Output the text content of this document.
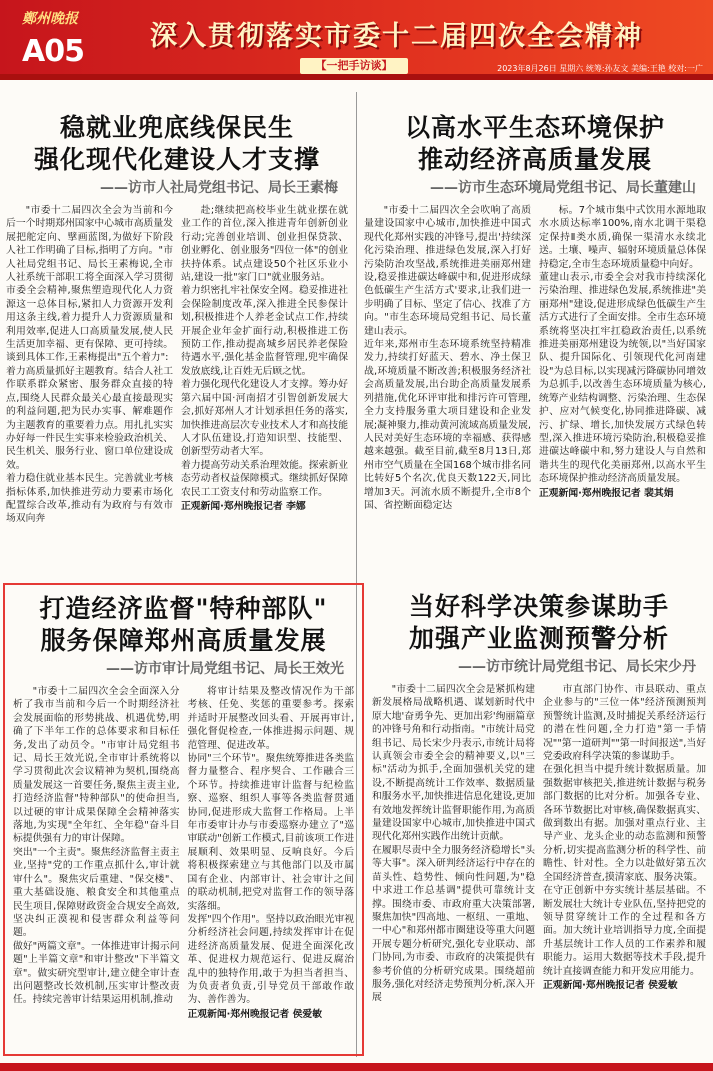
鄭州晚报
A05 深入贯彻落实市委十二届四次全会精神
【一把手访谈】	2023年8月26日 星期六 统筹:孙友文 美编:王艳 校对:一广
稳就业兜底线保民生
强化现代化建设人才支撑
——访市人社局党组书记、局长王素梅

"市委十二届四次全会为当前和今后一个时期郑州国家中心城市高质量发展把舵定向、擘画蓝图,为做好下阶段人社工作明确了目标,指明了方向。"市人社局党组书记、局长王素梅说,全市人社系统干部职工将全面深入学习贯彻市委全会精神,聚焦塑造现代化人力资源这一总体目标,紧扣人力资源开发利用这条主线,着力提升人力资源质量和利用效率,促进人口高质量发展,使人民生活更加幸福、更有保障、更可持续。谈到具体工作,王素梅提出"五个着力":
着力高质量抓好主题教育。结合人社工作联系群众紧密、服务群众直接的特点,围绕人民群众最关心最直接最现实的利益问题,把为民办实事、解难题作为主题教育的重要着力点。用扎扎实实办好每一件民生实事来检验政治机关、民生机关、服务行业、窗口单位建设成效。
着力稳住就业基本民生。完善就业考核指标体系,加快推进劳动力要素市场化配置综合改革,推动有为政府与有效市场双向奔

赴;继续把高校毕业生就业摆在就业工作的首位,深入推进青年创新创业行动;完善创业培训、创业担保贷款、创业孵化、创业服务"四位一体"的创业扶持体系。试点建设50个社区乐业小站,建设一批"家门口"就业服务站。
着力织密扎牢社保安全网。稳妥推进社会保险制度改革,深入推进全民参保计划,积极推进个人养老金试点工作,持续开展企业年金扩面行动,积极推进工伤预防工作,推动提高城乡居民养老保险待遇水平,强化基金监督管理,兜牢确保发放底线,让百姓无后顾之忧。
着力强化现代化建设人才支撑。筹办好第六届中国·河南招才引智创新发展大会,抓好郑州人才计划承担任务的落实,加快推进高层次专业技术人才和高技能人才队伍建设,打造知识型、技能型、创新型劳动者大军。
着力提高劳动关系治理效能。探索新业态劳动者权益保障模式。继续抓好保障农民工工资支付和劳动监察工作。

正观新闻·郑州晚报记者 李娜

以高水平生态环境保护
推动经济高质量发展
——访市生态环境局党组书记、局长董建山

"市委十二届四次全会吹响了高质量建设国家中心城市,加快推进中国式现代化郑州实践的冲锋号,提出'持续深化污染治理、推进绿色发展,深入打好污染防治攻坚战,系统推进美丽郑州建设,稳妥推进碳达峰碳中和,促进形成绿色低碳生产生活方式'要求,让我们进一步明确了目标、坚定了信心、找准了方向。"市生态环境局党组书记、局长董建山表示。
近年来,郑州市生态环境系统坚持精准发力,持续打好蓝天、碧水、净土保卫战,环境质量不断改善;积极服务经济社会高质量发展,出台助企高质量发展系列措施,优化环评审批和排污许可管理,全力支持服务重大项目建设和企业发展;凝神聚力,推动黄河流域高质量发展,人民对美好生态环境的幸福感、获得感越来越强。截至目前,截至8月13日,郑州市空气质量在全国168个城市排名同比转好5个名次,优良天数122天,同比增加3天。河流水质不断提升,全市8个国、省控断面稳定达

标。7个城市集中式饮用水源地取水水质达标率100%,南水北调干渠稳定保持Ⅱ类水质,确保一渠清水永续北送。土壤、噪声、辐射环境质量总体保持稳定,全市生态环境质量稳中向好。
董建山表示,市委全会对我市持续深化污染治理、推进绿色发展,系统推进"美丽郑州"建设,促进形成绿色低碳生产生活方式进行了全面安排。全市生态环境系统将坚决扛牢扛稳政治责任,以系统推进美丽郑州建设为统领,以"当好国家队、提升国际化、引领现代化河南建设"为总目标,以实现减污降碳协同增效为总抓手,以改善生态环境质量为核心,统筹产业结构调整、污染治理、生态保护、应对气候变化,协同推进降碳、减污、扩绿、增长,加快发展方式绿色转型,深入推进环境污染防治,积极稳妥推进碳达峰碳中和,努力建设人与自然和谐共生的现代化美丽郑州,以高水平生态环境保护推动经济高质量发展。

正观新闻·郑州晚报记者 裴其娟

打造经济监督"特种部队"
服务保障郑州高质量发展
——访市审计局党组书记、局长王效光

"市委十二届四次全会全面深入分析了我市当前和今后一个时期经济社会发展面临的形势挑战、机遇优势,明确了下半年工作的总体要求和目标任务,发出了动员令。"市审计局党组书记、局长王效光说,全市审计系统将以学习贯彻此次会议精神为契机,围绕高质量发展这一首要任务,聚焦主责主业,打造经济监督"特种部队"的使命担当,以过硬的审计成果保障全会精神落实落地,为实现"全年红、全年稳"奋斗目标提供强有力的审计保障。
突出"一个主责"。聚焦经济监督主责主业,坚持"党的工作重点抓什么,审计就审什么"。聚焦灾后重建、"保交楼"、重大基础设施、粮食安全和其他重点民生项目,保障财政资金合规安全高效,坚决纠正漠视和侵害群众利益等问题。
做好"两篇文章"。一体推进审计揭示问题"上半篇文章"和审计整改"下半篇文章"。做实研究型审计,建立健全审计查出问题整改长效机制,压实审计整改责任。持续完善审计结果运用机制,推动

将审计结果及整改情况作为干部考核、任免、奖惩的重要参考。探索并适时开展整改回头看、开展再审计,强化督促检查,一体推进揭示问题、规范管理、促进改革。
协同"三个环节"。聚焦统筹推进各类监督力量整合、程序契合、工作融合三个环节。持续推进审计监督与纪检监察、巡察、组织人事等各类监督贯通协同,促进形成大监督工作格局。上半年市委审计办与市委巡察办建立了"巡审联动"创新工作模式,目前该项工作进展顺利、效果明显、反响良好。今后将积极探索建立与其他部门以及市属国有企业、内部审计、社会审计之间的联动机制,把党对监督工作的领导落实落细。
发挥"四个作用"。坚持以政治眼光审视分析经济社会问题,持续发挥审计在促进经济高质量发展、促进全面深化改革、促进权力规范运行、促进反腐治乱中的独特作用,敢于为担当者担当、为负责者负责,引导党员干部敢作敢为、善作善为。

正观新闻·郑州晚报记者 侯爱敏

当好科学决策参谋助手
加强产业监测预警分析
——访市统计局党组书记、局长宋少丹

"市委十二届四次全会是紧抓构建新发展格局战略机遇、谋划新时代中原大地'奋勇争先、更加出彩'绚丽篇章的冲锋号角和行动指南。"市统计局党组书记、局长宋少丹表示,市统计局将认真领会市委全会的精神要义,以"三标"活动为抓手,全面加强机关党的建设,不断提高统计工作效率、数据质量和服务水平,加快推进信息化建设,更加有效地发挥统计监督职能作用,为高质量建设国家中心城市,加快推进中国式现代化郑州实践作出统计贡献。
在履职尽责中全力服务经济稳增长"头等大事"。深入研判经济运行中存在的苗头性、趋势性、倾向性问题,为"稳中求进工作总基调"提供可靠统计支撑。围绕市委、市政府重大决策部署,聚焦加快"四高地、一枢纽、一重地、一中心"和郑州都市圈建设等重大问题开展专题分析研究,强化专业联动、部门协同,为市委、市政府的决策提供有参考价值的分析研究成果。围绕超前服务,强化对经济走势预判分析,深入开展

市直部门协作、市县联动、重点企业参与的"三位一体"经济预测预判预警统计监测,及时捕捉关系经济运行的潜在性问题,全力打造"第一手情况""第一道研判""第一时间报送",当好党委政府科学决策的参谋助手。
在强化担当中提升统计数据质量。加强数据审核把关,推进统计数据与税务部门数据的比对分析。加强各专业、各环节数据比对审核,确保数据真实、做到数出有据。加强对重点行业、主导产业、龙头企业的动态监测和预警分析,切实提高监测分析的科学性、前瞻性、针对性。全力以赴做好第五次全国经济普查,摸清家底、服务决策。
在守正创新中夯实统计基层基础。不断发展壮大统计专业队伍,坚持把党的领导贯穿统计工作的全过程和各方面。加大统计业培训指导力度,全面提升基层统计工作人员的工作素养和履职能力。运用大数据等技术手段,提升统计直接调查能力和开发应用能力。

正观新闻·郑州晚报记者 侯爱敏
